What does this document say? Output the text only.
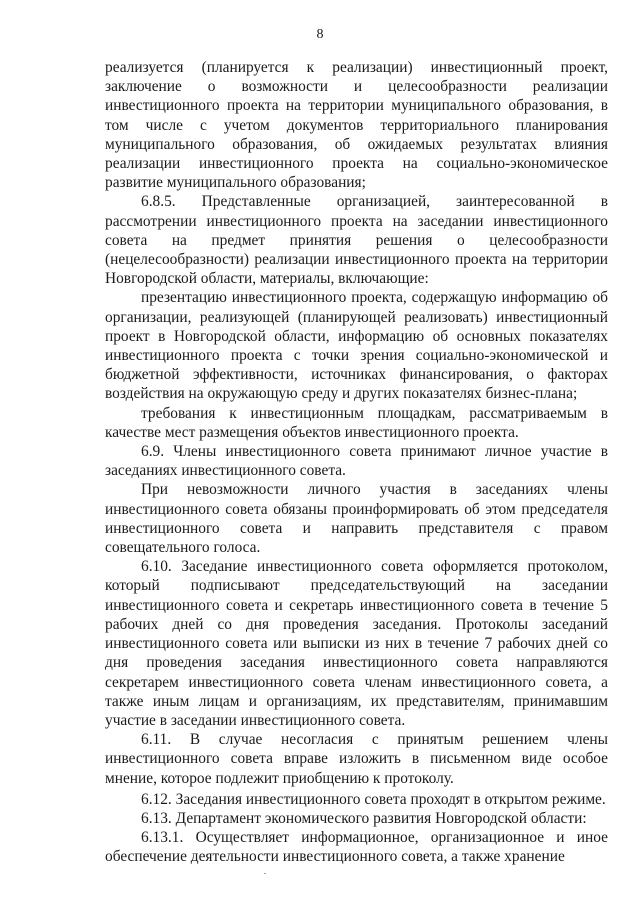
8

реализуется (планируется к реализации) инвестиционный проект, заключение о возможности и целесообразности реализации инвестиционного проекта на территории муниципального образования, в том числе с учетом документов территориального планирования муниципального образования, об ожидаемых результатах влияния реализации инвестиционного проекта на социально-экономическое развитие муниципального образования;

6.8.5. Представленные организацией, заинтересованной в рассмотрении инвестиционного проекта на заседании инвестиционного совета на предмет принятия решения о целесообразности (нецелесообразности) реализации инвестиционного проекта на территории Новгородской области, материалы, включающие:

презентацию инвестиционного проекта, содержащую информацию об организации, реализующей (планирующей реализовать) инвестиционный проект в Новгородской области, информацию об основных показателях инвестиционного проекта с точки зрения социально-экономической и бюджетной эффективности, источниках финансирования, о факторах воздействия на окружающую среду и других показателях бизнес-плана;

требования к инвестиционным площадкам, рассматриваемым в качестве мест размещения объектов инвестиционного проекта.

6.9. Члены инвестиционного совета принимают личное участие в заседаниях инвестиционного совета.

При невозможности личного участия в заседаниях члены инвестиционного совета обязаны проинформировать об этом председателя инвестиционного совета и направить представителя с правом совещательного голоса.

6.10. Заседание инвестиционного совета оформляется протоколом, который подписывают председательствующий на заседании инвестиционного совета и секретарь инвестиционного совета в течение 5 рабочих дней со дня проведения заседания. Протоколы заседаний инвестиционного совета или выписки из них в течение 7 рабочих дней со дня проведения заседания инвестиционного совета направляются секретарем инвестиционного совета членам инвестиционного совета, а также иным лицам и организациям, их представителям, принимавшим участие в заседании инвестиционного совета.

6.11. В случае несогласия с принятым решением члены инвестиционного совета вправе изложить в письменном виде особое мнение, которое подлежит приобщению к протоколу.

6.12. Заседания инвестиционного совета проходят в открытом режиме.

6.13. Департамент экономического развития Новгородской области:

6.13.1. Осуществляет информационное, организационное и иное обеспечение деятельности инвестиционного совета, а также хранение
